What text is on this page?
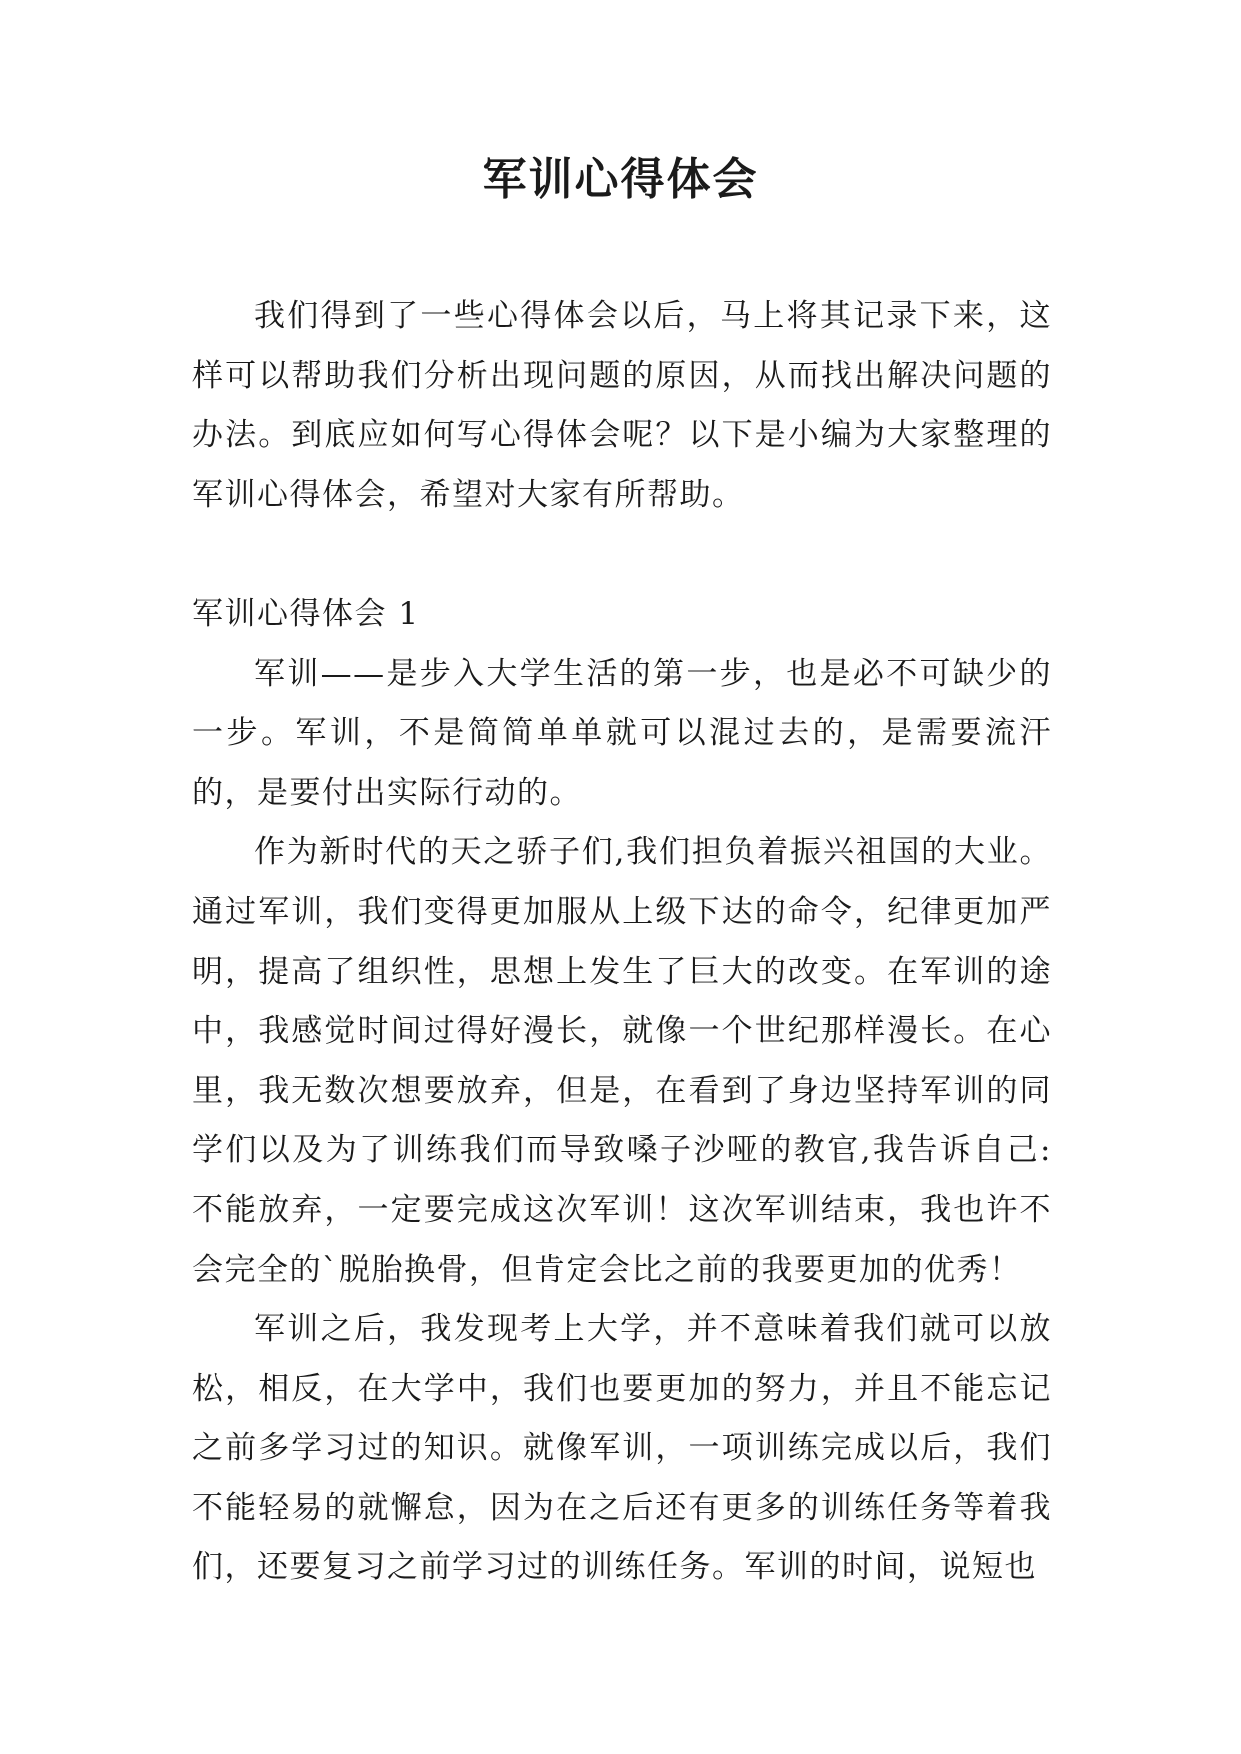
军训心得体会

我们得到了一些心得体会以后，马上将其记录下来，这样可以帮助我们分析出现问题的原因，从而找出解决问题的办法。到底应如何写心得体会呢？以下是小编为大家整理的军训心得体会，希望对大家有所帮助。

军训心得体会 1

军训——是步入大学生活的第一步，也是必不可缺少的一步。军训，不是简简单单就可以混过去的，是需要流汗的，是要付出实际行动的。

作为新时代的天之骄子们,我们担负着振兴祖国的大业。通过军训，我们变得更加服从上级下达的命令，纪律更加严明，提高了组织性，思想上发生了巨大的改变。在军训的途中，我感觉时间过得好漫长，就像一个世纪那样漫长。在心里，我无数次想要放弃，但是，在看到了身边坚持军训的同学们以及为了训练我们而导致嗓子沙哑的教官,我告诉自己:不能放弃，一定要完成这次军训！这次军训结束，我也许不会完全的`脱胎换骨，但肯定会比之前的我要更加的优秀！

军训之后，我发现考上大学，并不意味着我们就可以放松，相反，在大学中，我们也要更加的努力，并且不能忘记之前多学习过的知识。就像军训，一项训练完成以后，我们不能轻易的就懈怠，因为在之后还有更多的训练任务等着我们，还要复习之前学习过的训练任务。军训的时间，说短也
